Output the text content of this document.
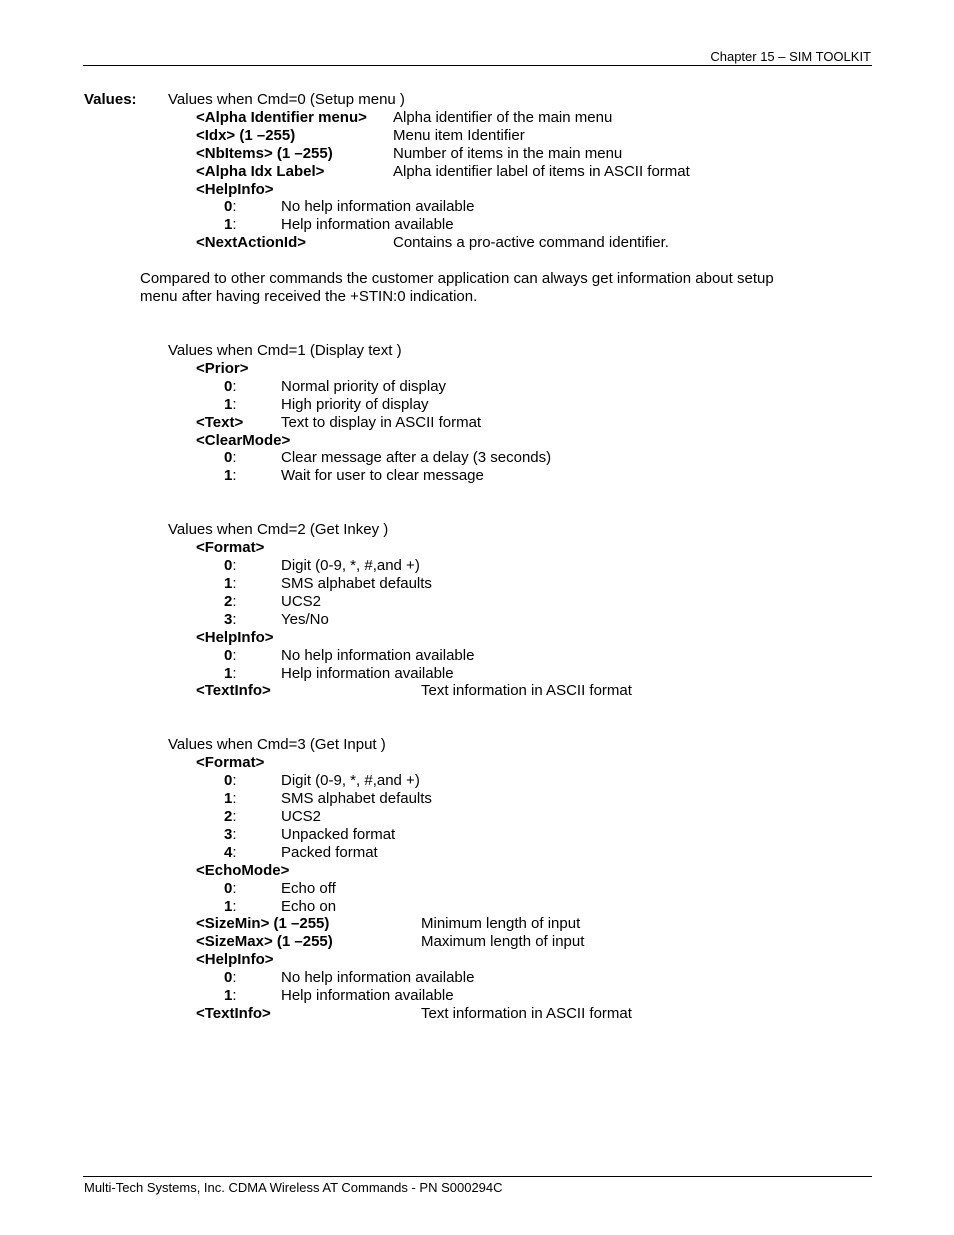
Chapter 15 – SIM TOOLKIT
Values: Values when Cmd=0 (Setup menu )
<Alpha Identifier menu> Alpha identifier of the main menu
<Idx> (1 –255)	Menu item Identifier
<NbItems> (1 –255)	Number of items in the main menu
<Alpha Idx Label>	Alpha identifier label of items in ASCII format
<HelpInfo>
0:	No help information available
1:	Help information available
<NextActionId>	Contains a pro-active command identifier.
Compared to other commands the customer application can always get information about setup
menu after having received the +STIN:0 indication.
Values when Cmd=1 (Display text )
<Prior>
0:	Normal priority of display
1:	High priority of display
<Text>	Text to display in ASCII format
<ClearMode>
0:	Clear message after a delay (3 seconds)
1:	Wait for user to clear message
Values when Cmd=2 (Get Inkey )
<Format>
0:	Digit (0-9, *, #,and +)
1:	SMS alphabet defaults
2:	UCS2
3:	Yes/No
<HelpInfo>
0:	No help information available
1:	Help information available
<TextInfo>	Text information in ASCII format
Values when Cmd=3 (Get Input )
<Format>
0:	Digit (0-9, *, #,and +)
1:	SMS alphabet defaults
2:	UCS2
3:	Unpacked format
4:	Packed format
<EchoMode>
0:	Echo off
1:	Echo on
<SizeMin> (1 –255)	Minimum length of input
<SizeMax> (1 –255)	Maximum length of input
<HelpInfo>
0:	No help information available
1:	Help information available
<TextInfo>	Text information in ASCII format
Multi-Tech Systems, Inc. CDMA Wireless AT Commands - PN S000294C
